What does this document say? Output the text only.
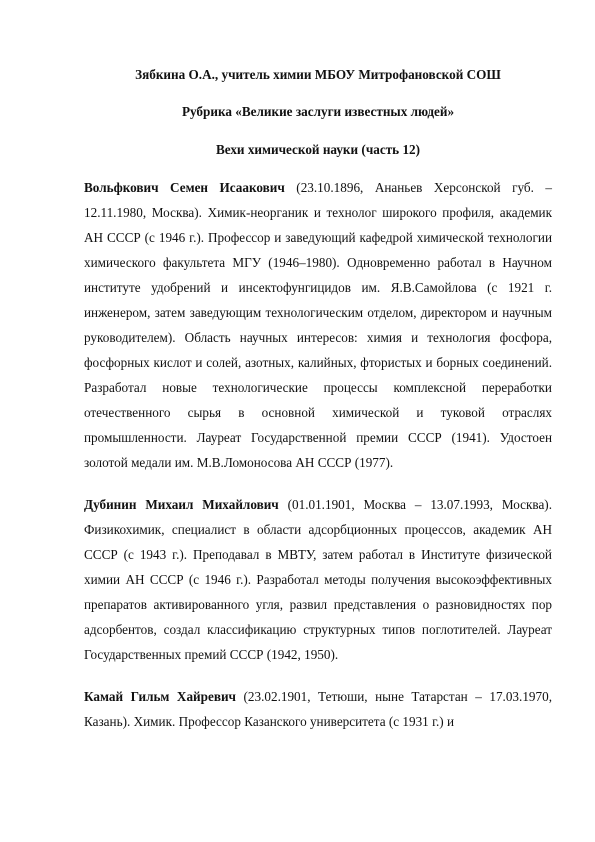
Зябкина О.А., учитель химии МБОУ Митрофановской СОШ

Рубрика «Великие заслуги известных людей»

Вехи химической науки (часть 12)

Вольфкович Семен Исаакович (23.10.1896, Ананьев Херсонской губ. – 12.11.1980, Москва). Химик-неорганик и технолог широкого профиля, академик АН СССР (с 1946 г.). Профессор и заведующий кафедрой химической технологии химического факультета МГУ (1946–1980). Одновременно работал в Научном институте удобрений и инсектофунгицидов им. Я.В.Самойлова (с 1921 г. инженером, затем заведующим технологическим отделом, директором и научным руководителем). Область научных интересов: химия и технология фосфора, фосфорных кислот и солей, азотных, калийных, фтористых и борных соединений. Разработал новые технологические процессы комплексной переработки отечественного сырья в основной химической и туковой отраслях промышленности. Лауреат Государственной премии СССР (1941). Удостоен золотой медали им. М.В.Ломоносова АН СССР (1977).

Дубинин Михаил Михайлович (01.01.1901, Москва – 13.07.1993, Москва). Физикохимик, специалист в области адсорбционных процессов, академик АН СССР (с 1943 г.). Преподавал в МВТУ, затем работал в Институте физической химии АН СССР (с 1946 г.). Разработал методы получения высокоэффективных препаратов активированного угля, развил представления о разновидностях пор адсорбентов, создал классификацию структурных типов поглотителей. Лауреат Государственных премий СССР (1942, 1950).

Камай Гильм Хайревич (23.02.1901, Тетюши, ныне Татарстан – 17.03.1970, Казань). Химик. Профессор Казанского университета (с 1931 г.) и
